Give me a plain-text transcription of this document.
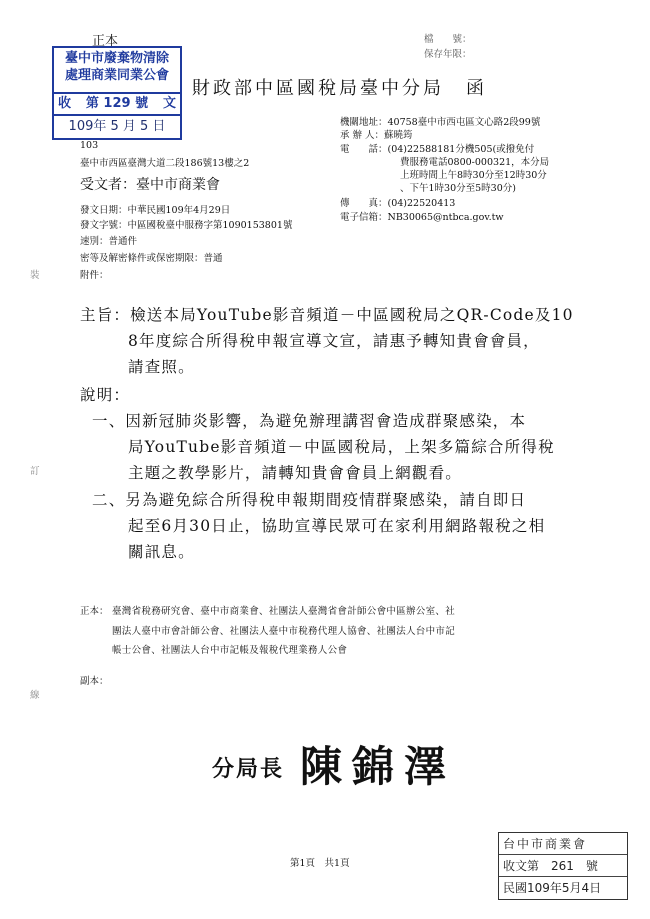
正本	檔　　號：
保存年限：
臺中市廢棄物清除
處理商業同業公會
收 第 129 號 文
109年 5 月 5 日
財政部中區國稅局臺中分局 函
機關地址：40758臺中市西屯區文心路2段99號
承 辦 人：蘇曉筠
電　　話：(04)22588181分機505(或撥免付
費服務電話0800-000321，本分局
上班時間上午8時30分至12時30分
、下午1時30分至5時30分)
傳　　真：(04)22520413
電子信箱：NB30065@ntbca.gov.tw
103
臺中市西區臺灣大道二段186號13樓之2
受文者：臺中市商業會
發文日期：中華民國109年4月29日
發文字號：中區國稅臺中服務字第1090153801號
速別：普通件
密等及解密條件或保密期限：普通
附件：
主旨：檢送本局YouTube影音頻道－中區國稅局之QR-Code及10
8年度綜合所得稅申報宣導文宣，請惠予轉知貴會會員，
請查照。
說明：
一、因新冠肺炎影響，為避免辦理講習會造成群聚感染，本
局YouTube影音頻道－中區國稅局，上架多篇綜合所得稅
主題之教學影片，請轉知貴會會員上網觀看。
二、另為避免綜合所得稅申報期間疫情群聚感染，請自即日
起至6月30日止，協助宣導民眾可在家利用網路報稅之相
關訊息。
正本： 臺灣省稅務研究會、臺中市商業會、社團法人臺灣省會計師公會中區辦公室、社
團法人臺中市會計師公會、社團法人臺中市稅務代理人協會、社團法人台中市記
帳士公會、社團法人台中市記帳及報稅代理業務人公會
副本：
分局長 陳錦澤
裝
訂
線
第1頁　共1頁
台中市商業會
收文第　261　號
民國109年5月4日
